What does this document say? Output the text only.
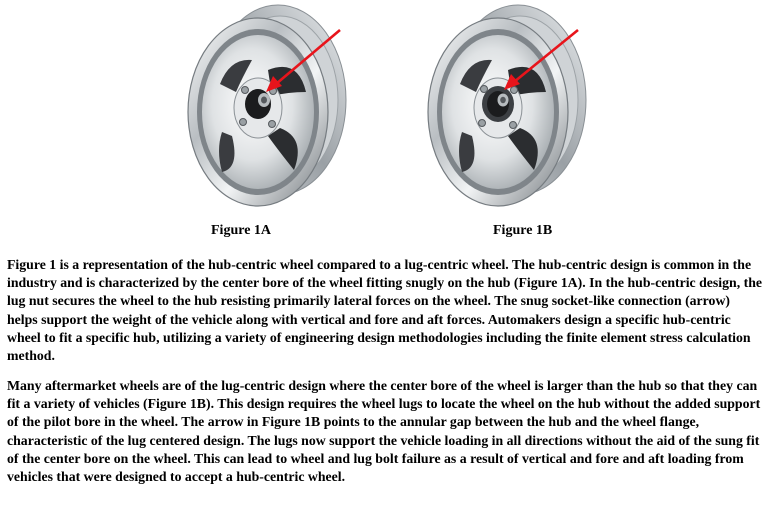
Figure 1A	Figure 1B

Figure 1 is a representation of the hub-centric wheel compared to a lug-centric wheel. The hub-centric design is common in the industry and is characterized by the center bore of the wheel fitting snugly on the hub (Figure 1A). In the hub-centric design, the lug nut secures the wheel to the hub resisting primarily lateral forces on the wheel. The snug socket-like connection (arrow) helps support the weight of the vehicle along with vertical and fore and aft forces. Automakers design a specific hub-centric wheel to fit a specific hub, utilizing a variety of engineering design methodologies including the finite element stress calculation method.

Many aftermarket wheels are of the lug-centric design where the center bore of the wheel is larger than the hub so that they can fit a variety of vehicles (Figure 1B). This design requires the wheel lugs to locate the wheel on the hub without the added support of the pilot bore in the wheel. The arrow in Figure 1B points to the annular gap between the hub and the wheel flange, characteristic of the lug centered design. The lugs now support the vehicle loading in all directions without the aid of the sung fit of the center bore on the wheel. This can lead to wheel and lug bolt failure as a result of vertical and fore and aft loading from vehicles that were designed to accept a hub-centric wheel.
